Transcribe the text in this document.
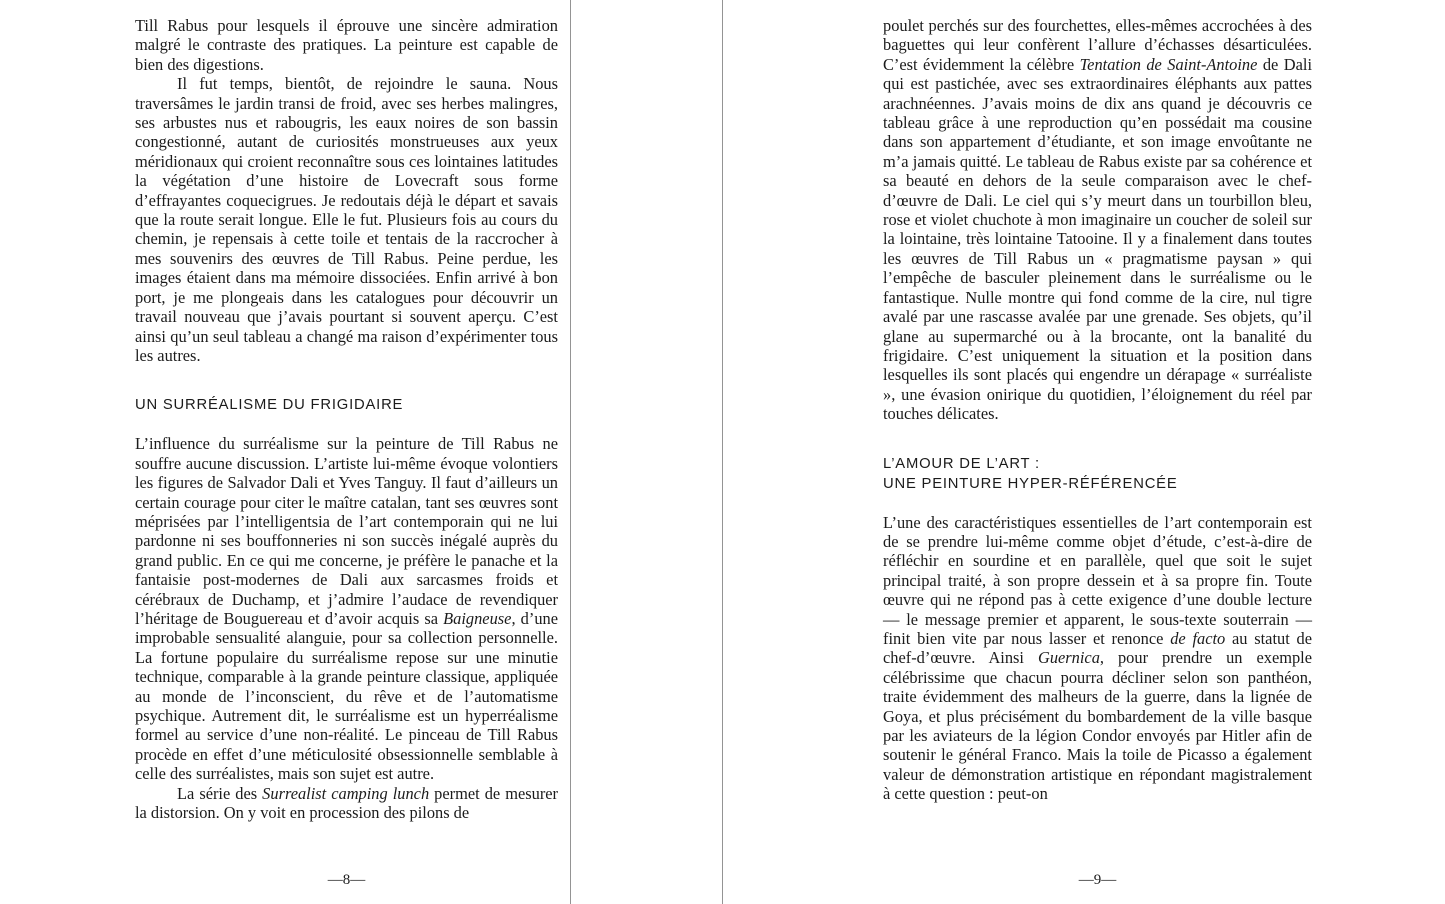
Till Rabus pour lesquels il éprouve une sincère admiration malgré le contraste des pratiques. La peinture est capable de bien des digestions.

Il fut temps, bientôt, de rejoindre le sauna. Nous traversâmes le jardin transi de froid, avec ses herbes malingres, ses arbustes nus et rabougris, les eaux noires de son bassin congestionné, autant de curiosités monstrueuses aux yeux méridionaux qui croient reconnaître sous ces lointaines latitudes la végétation d’une histoire de Lovecraft sous forme d’effrayantes coquecigrues. Je redoutais déjà le départ et savais que la route serait longue. Elle le fut. Plusieurs fois au cours du chemin, je repensais à cette toile et tentais de la raccrocher à mes souvenirs des œuvres de Till Rabus. Peine perdue, les images étaient dans ma mémoire dissociées. Enfin arrivé à bon port, je me plongeais dans les catalogues pour découvrir un travail nouveau que j’avais pourtant si souvent aperçu. C’est ainsi qu’un seul tableau a changé ma raison d’expérimenter tous les autres.

UN SURRÉALISME DU FRIGIDAIRE

L’influence du surréalisme sur la peinture de Till Rabus ne souffre aucune discussion. L’artiste lui-même évoque volontiers les figures de Salvador Dali et Yves Tanguy. Il faut d’ailleurs un certain courage pour citer le maître catalan, tant ses œuvres sont méprisées par l’intelligentsia de l’art contemporain qui ne lui pardonne ni ses bouffonneries ni son succès inégalé auprès du grand public. En ce qui me concerne, je préfère le panache et la fantaisie post-modernes de Dali aux sarcasmes froids et cérébraux de Duchamp, et j’admire l’audace de revendiquer l’héritage de Bouguereau et d’avoir acquis sa Baigneuse, d’une improbable sensualité alanguie, pour sa collection personnelle. La fortune populaire du surréalisme repose sur une minutie technique, comparable à la grande peinture classique, appliquée au monde de l’inconscient, du rêve et de l’automatisme psychique. Autrement dit, le surréalisme est un hyperréalisme formel au service d’une non-réalité. Le pinceau de Till Rabus procède en effet d’une méticulosité obsessionnelle semblable à celle des surréalistes, mais son sujet est autre.

La série des Surrealist camping lunch permet de mesurer la distorsion. On y voit en procession des pilons de

—8—

poulet perchés sur des fourchettes, elles-mêmes accrochées à des baguettes qui leur confèrent l’allure d’échasses désarticulées. C’est évidemment la célèbre Tentation de Saint-Antoine de Dali qui est pastichée, avec ses extraordinaires éléphants aux pattes arachnéennes. J’avais moins de dix ans quand je découvris ce tableau grâce à une reproduction qu’en possédait ma cousine dans son appartement d’étudiante, et son image envoûtante ne m’a jamais quitté. Le tableau de Rabus existe par sa cohérence et sa beauté en dehors de la seule comparaison avec le chef-d’œuvre de Dali. Le ciel qui s’y meurt dans un tourbillon bleu, rose et violet chuchote à mon imaginaire un coucher de soleil sur la lointaine, très lointaine Tatooine. Il y a finalement dans toutes les œuvres de Till Rabus un « pragmatisme paysan » qui l’empêche de basculer pleinement dans le surréalisme ou le fantastique. Nulle montre qui fond comme de la cire, nul tigre avalé par une rascasse avalée par une grenade. Ses objets, qu’il glane au supermarché ou à la brocante, ont la banalité du frigidaire. C’est uniquement la situation et la position dans lesquelles ils sont placés qui engendre un dérapage « surréaliste », une évasion onirique du quotidien, l’éloignement du réel par touches délicates.

L’AMOUR DE L’ART :
UNE PEINTURE HYPER-RÉFÉRENCÉE

L’une des caractéristiques essentielles de l’art contemporain est de se prendre lui-même comme objet d’étude, c’est-à-dire de réfléchir en sourdine et en parallèle, quel que soit le sujet principal traité, à son propre dessein et à sa propre fin. Toute œuvre qui ne répond pas à cette exigence d’une double lecture — le message premier et apparent, le sous-texte souterrain — finit bien vite par nous lasser et renonce de facto au statut de chef-d’œuvre. Ainsi Guernica, pour prendre un exemple célébrissime que chacun pourra décliner selon son panthéon, traite évidemment des malheurs de la guerre, dans la lignée de Goya, et plus précisément du bombardement de la ville basque par les aviateurs de la légion Condor envoyés par Hitler afin de soutenir le général Franco. Mais la toile de Picasso a également valeur de démonstration artistique en répondant magistralement à cette question : peut-on

—9—
